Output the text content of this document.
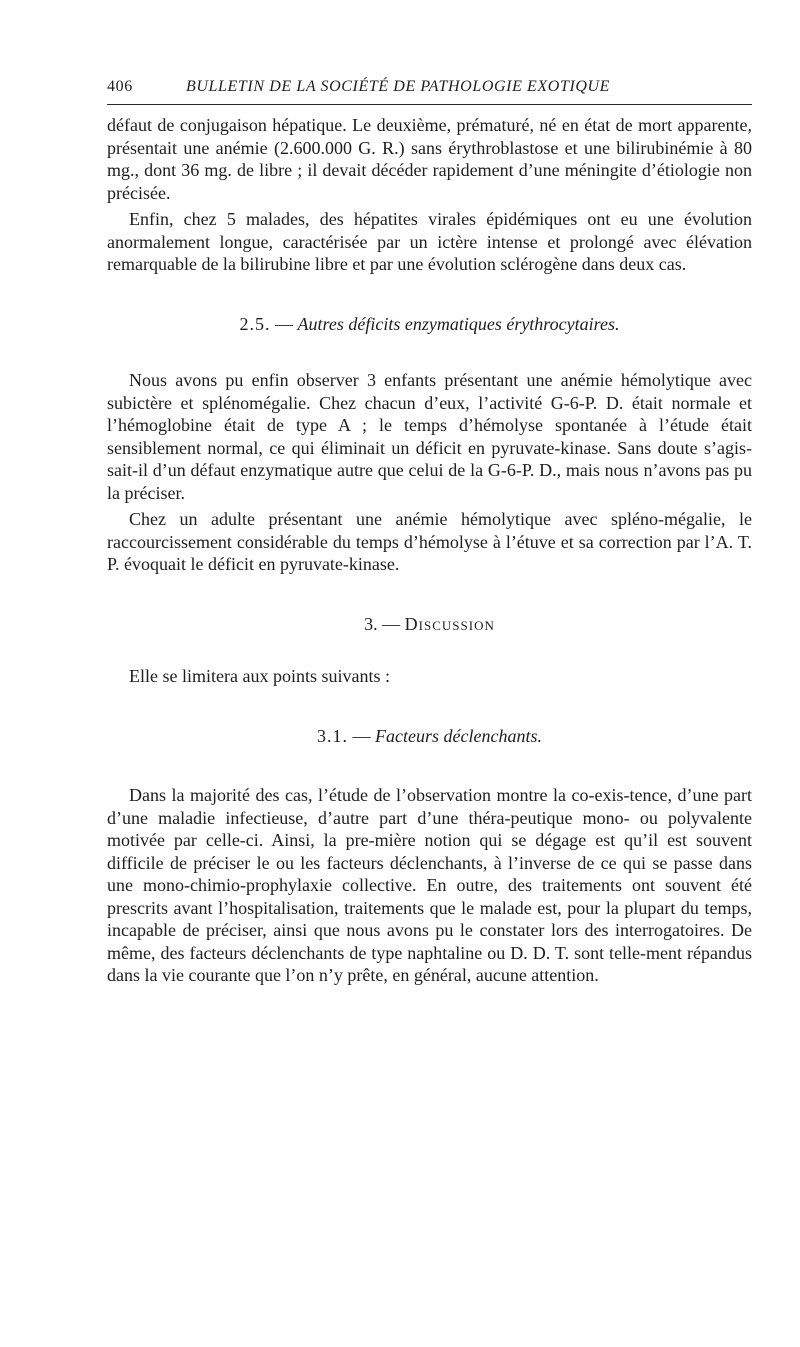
406	BULLETIN DE LA SOCIÉTÉ DE PATHOLOGIE EXOTIQUE

défaut de conjugaison hépatique. Le deuxième, prématuré, né en état de mort apparente, présentait une anémie (2.600.000 G. R.) sans érythroblastose et une bilirubinémie à 80 mg., dont 36 mg. de libre ; il devait décéder rapidement d’une méningite d’étiologie non précisée.

Enfin, chez 5 malades, des hépatites virales épidémiques ont eu une évolution anormalement longue, caractérisée par un ictère intense et prolongé avec élévation remarquable de la bilirubine libre et par une évolution sclérogène dans deux cas.

2.5. — Autres déficits enzymatiques érythrocytaires.

Nous avons pu enfin observer 3 enfants présentant une anémie hémolytique avec subictère et splénomégalie. Chez chacun d’eux, l’activité G-6-P. D. était normale et l’hémoglobine était de type A ; le temps d’hémolyse spontanée à l’étude était sensiblement normal, ce qui éliminait un déficit en pyruvate-kinase. Sans doute s’agis-sait-il d’un défaut enzymatique autre que celui de la G-6-P. D., mais nous n’avons pas pu la préciser.

Chez un adulte présentant une anémie hémolytique avec spléno-mégalie, le raccourcissement considérable du temps d’hémolyse à l’étuve et sa correction par l’A. T. P. évoquait le déficit en pyruvate-kinase.

3. — Discussion

Elle se limitera aux points suivants :

3.1. — Facteurs déclenchants.

Dans la majorité des cas, l’étude de l’observation montre la co-exis-tence, d’une part d’une maladie infectieuse, d’autre part d’une théra-peutique mono- ou polyvalente motivée par celle-ci. Ainsi, la pre-mière notion qui se dégage est qu’il est souvent difficile de préciser le ou les facteurs déclenchants, à l’inverse de ce qui se passe dans une mono-chimio-prophylaxie collective. En outre, des traitements ont souvent été prescrits avant l’hospitalisation, traitements que le malade est, pour la plupart du temps, incapable de préciser, ainsi que nous avons pu le constater lors des interrogatoires. De même, des facteurs déclenchants de type naphtaline ou D. D. T. sont telle-ment répandus dans la vie courante que l’on n’y prête, en général, aucune attention.
